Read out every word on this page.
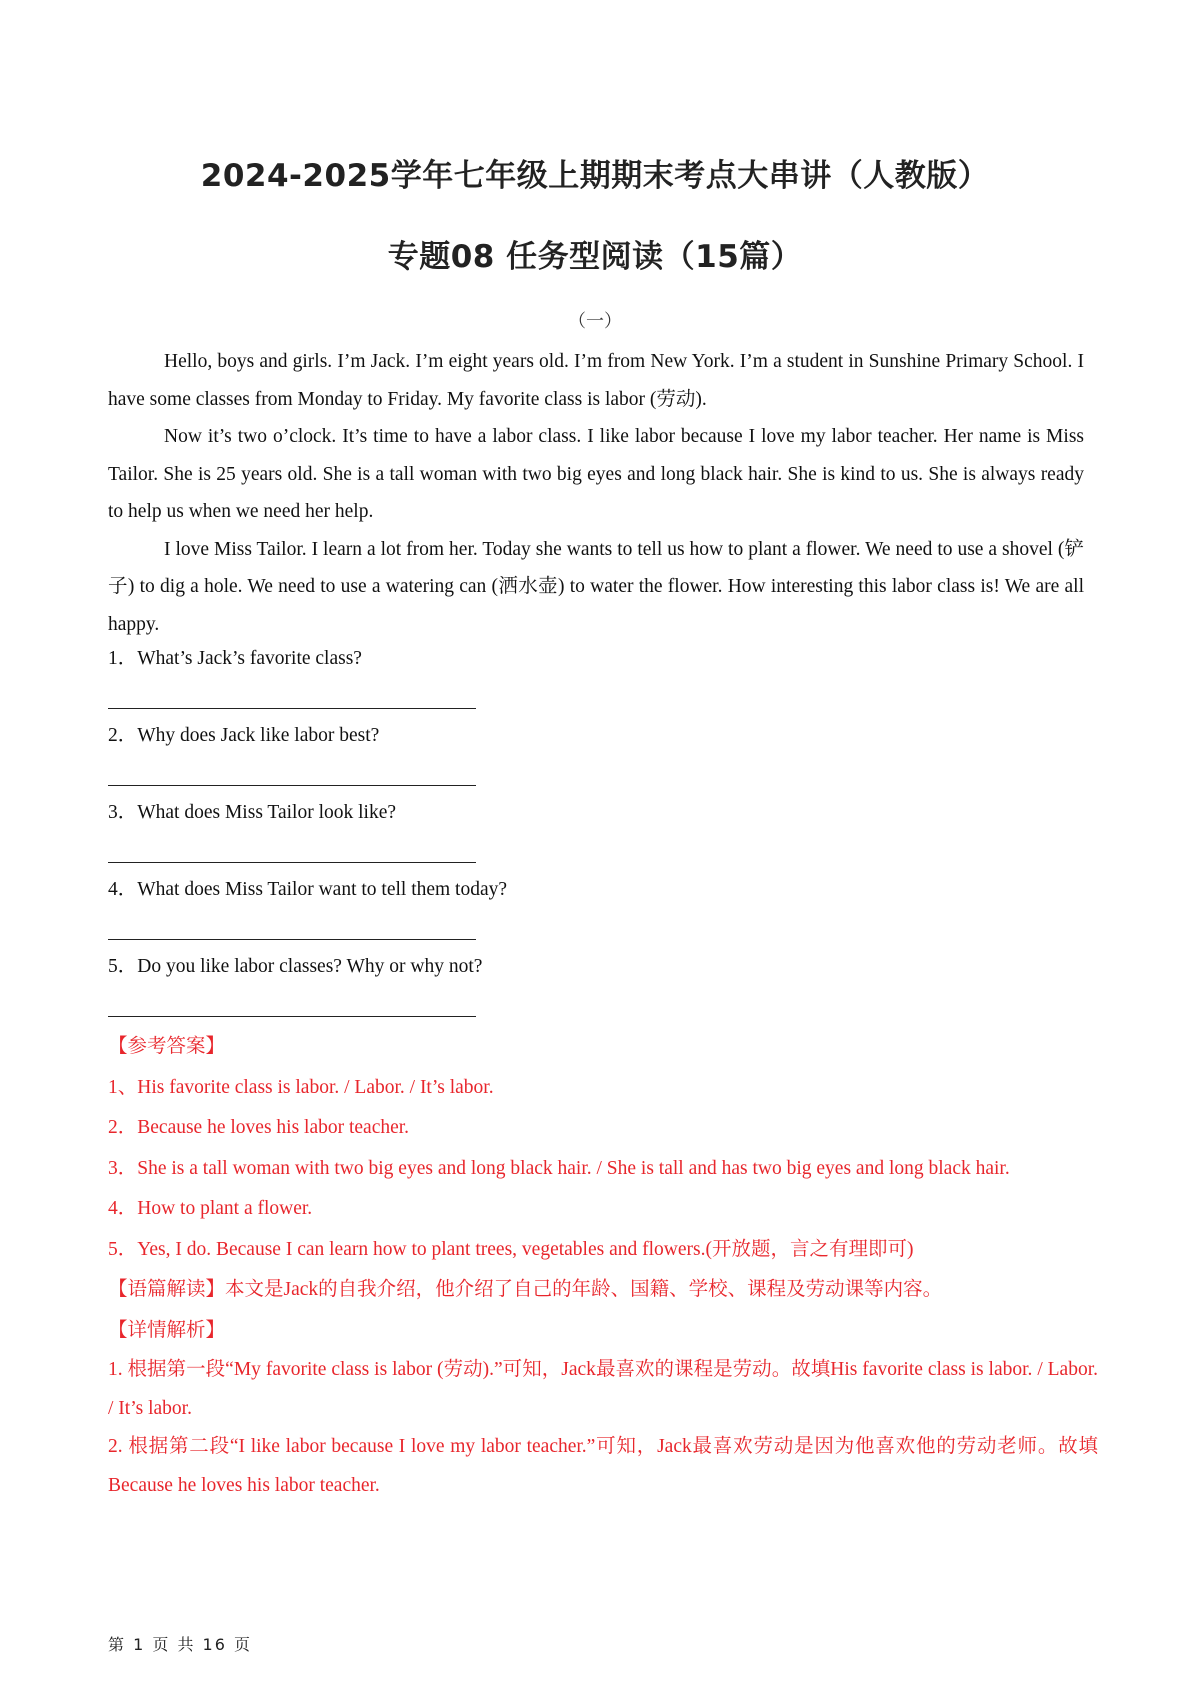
2024-2025学年七年级上期期末考点大串讲（人教版）
专题08 任务型阅读（15篇）
（一）

Hello, boys and girls. I’m Jack. I’m eight years old. I’m from New York. I’m a student in Sunshine Primary School. I have some classes from Monday to Friday. My favorite class is labor (劳动).

Now it’s two o’clock. It’s time to have a labor class. I like labor because I love my labor teacher. Her name is Miss Tailor. She is 25 years old. She is a tall woman with two big eyes and long black hair. She is kind to us. She is always ready to help us when we need her help.

I love Miss Tailor. I learn a lot from her. Today she wants to tell us how to plant a flower. We need to use a shovel (铲子) to dig a hole. We need to use a watering can (洒水壶) to water the flower. How interesting this labor class is! We are all happy.

1．What’s Jack’s favorite class?
2．Why does Jack like labor best?
3．What does Miss Tailor look like?
4．What does Miss Tailor want to tell them today?
5．Do you like labor classes? Why or why not?
【参考答案】
1、His favorite class is labor. / Labor. / It’s labor.
2．Because he loves his labor teacher.
3．She is a tall woman with two big eyes and long black hair. / She is tall and has two big eyes and long black hair.
4．How to plant a flower.
5．Yes, I do. Because I can learn how to plant trees, vegetables and flowers.(开放题，言之有理即可)
【语篇解读】本文是Jack的自我介绍，他介绍了自己的年龄、国籍、学校、课程及劳动课等内容。
【详情解析】

1. 根据第一段“My favorite class is labor (劳动).”可知，Jack最喜欢的课程是劳动。故填His favorite class is labor. / Labor. / It’s labor.

2. 根据第二段“I like labor because I love my labor teacher.”可知，Jack最喜欢劳动是因为他喜欢他的劳动老师。故填Because he loves his labor teacher.

第 1 页 共 16 页
